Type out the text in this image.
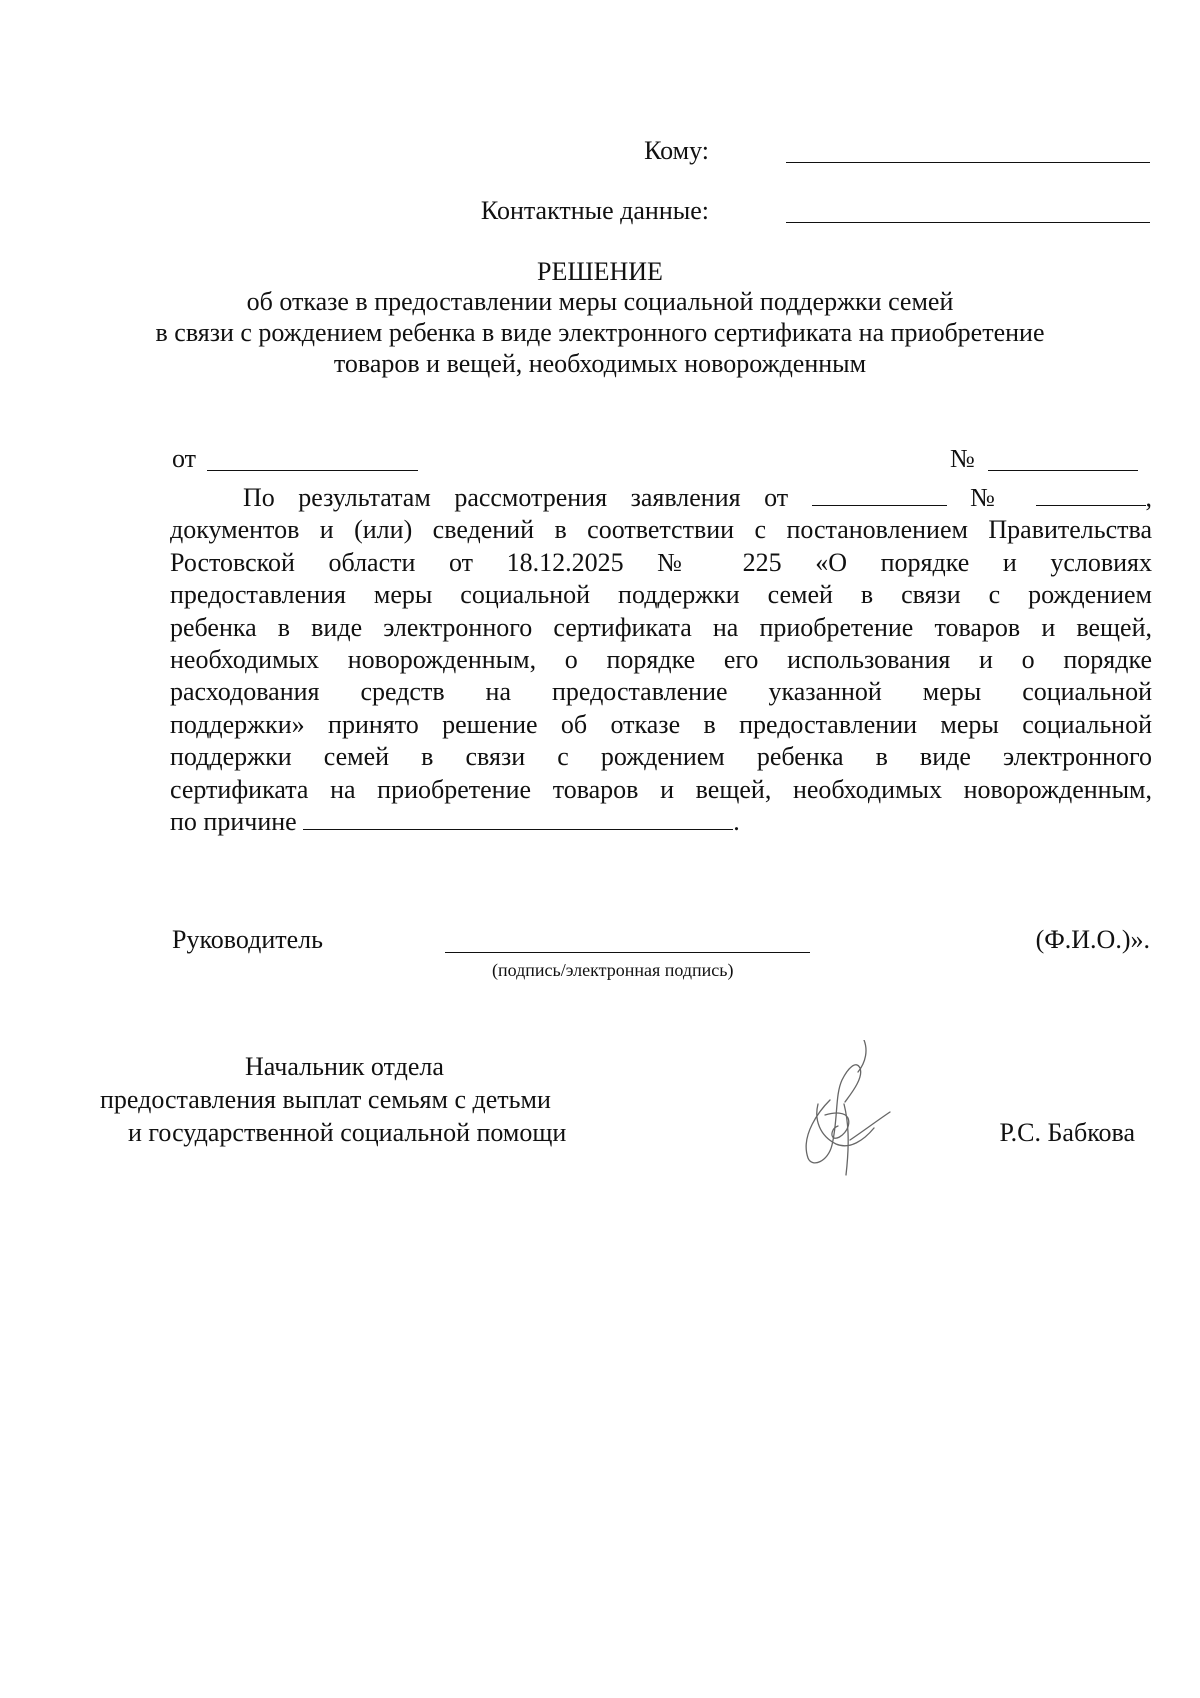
Кому:
Контактные данные:
РЕШЕНИЕ
об отказе в предоставлении меры социальной поддержки семей
в связи с рождением ребенка в виде электронного сертификата на приобретение
товаров и вещей, необходимых новорожденным
от	№
По результатам рассмотрения заявления от	№	,
документов и (или) сведений в соответствии с постановлением Правительства
Ростовской области от 18.12.2025 № 225 «О порядке и условиях
предоставления меры социальной поддержки семей в связи с рождением
ребенка в виде электронного сертификата на приобретение товаров и вещей,
необходимых новорожденным, о порядке его использования и о порядке
расходования средств на предоставление указанной меры социальной
поддержки» принято решение об отказе в предоставлении меры социальной
поддержки семей в связи с рождением ребенка в виде электронного
сертификата на приобретение товаров и вещей, необходимых новорожденным,
по причине	.
Руководитель
(подпись/электронная подпись)
(Ф.И.О.)».
Начальник отдела
предоставления выплат семьям с детьми
и государственной социальной помощи	Р.С. Бабкова
